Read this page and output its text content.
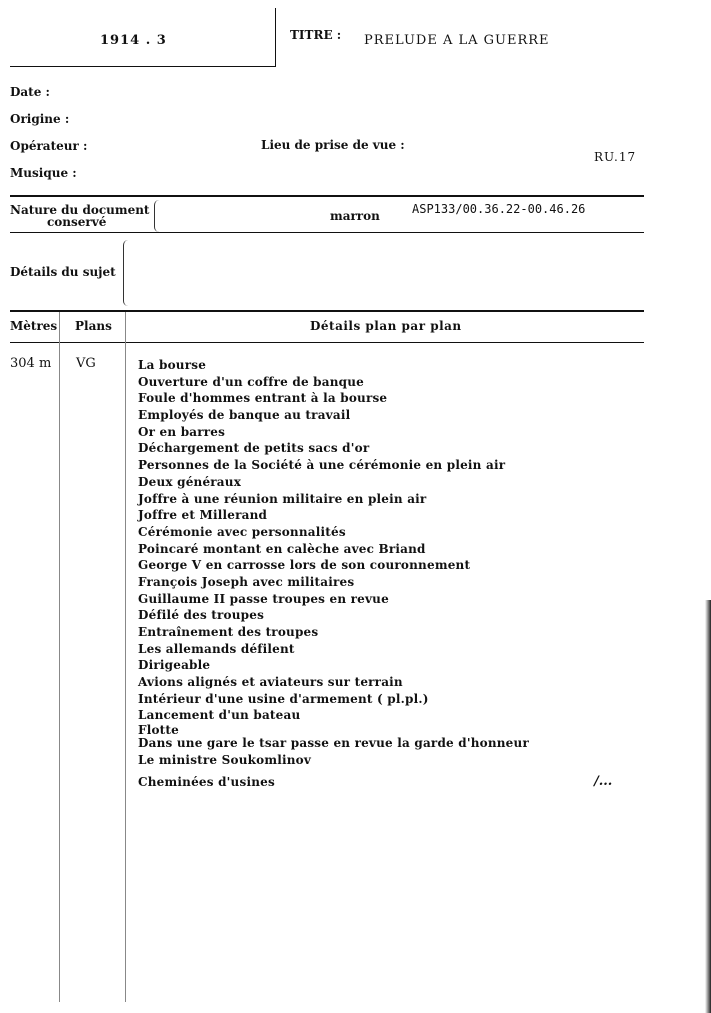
1914 . 3	TITRE : PRELUDE A LA GUERRE
Date :
Origine :
Opérateur :	Lieu de prise de vue :
Musique :
RU.17
Nature du document
conservé	marron	ASP133/00.36.22-00.46.26
Détails du sujet
Mètres Plans	Détails plan par plan
304 m VG	La bourse
Ouverture d'un coffre de banque
Foule d'hommes entrant à la bourse
Employés de banque au travail
Or en barres
Déchargement de petits sacs d'or
Personnes de la Société à une cérémonie en plein air
Deux généraux
Joffre à une réunion militaire en plein air
Joffre et Millerand
Cérémonie avec personnalités
Poincaré montant en calèche avec Briand
George V en carrosse lors de son couronnement
François Joseph avec militaires
Guillaume II passe troupes en revue
Défilé des troupes
Entraînement des troupes
Les allemands défilent
Dirigeable
Avions alignés et aviateurs sur terrain
Intérieur d'une usine d'armement ( pl.pl.)
Lancement d'un bateau
Flotte
Dans une gare le tsar passe en revue la garde d'honneur
Le ministre Soukomlinov
Cheminées d'usines	/...
